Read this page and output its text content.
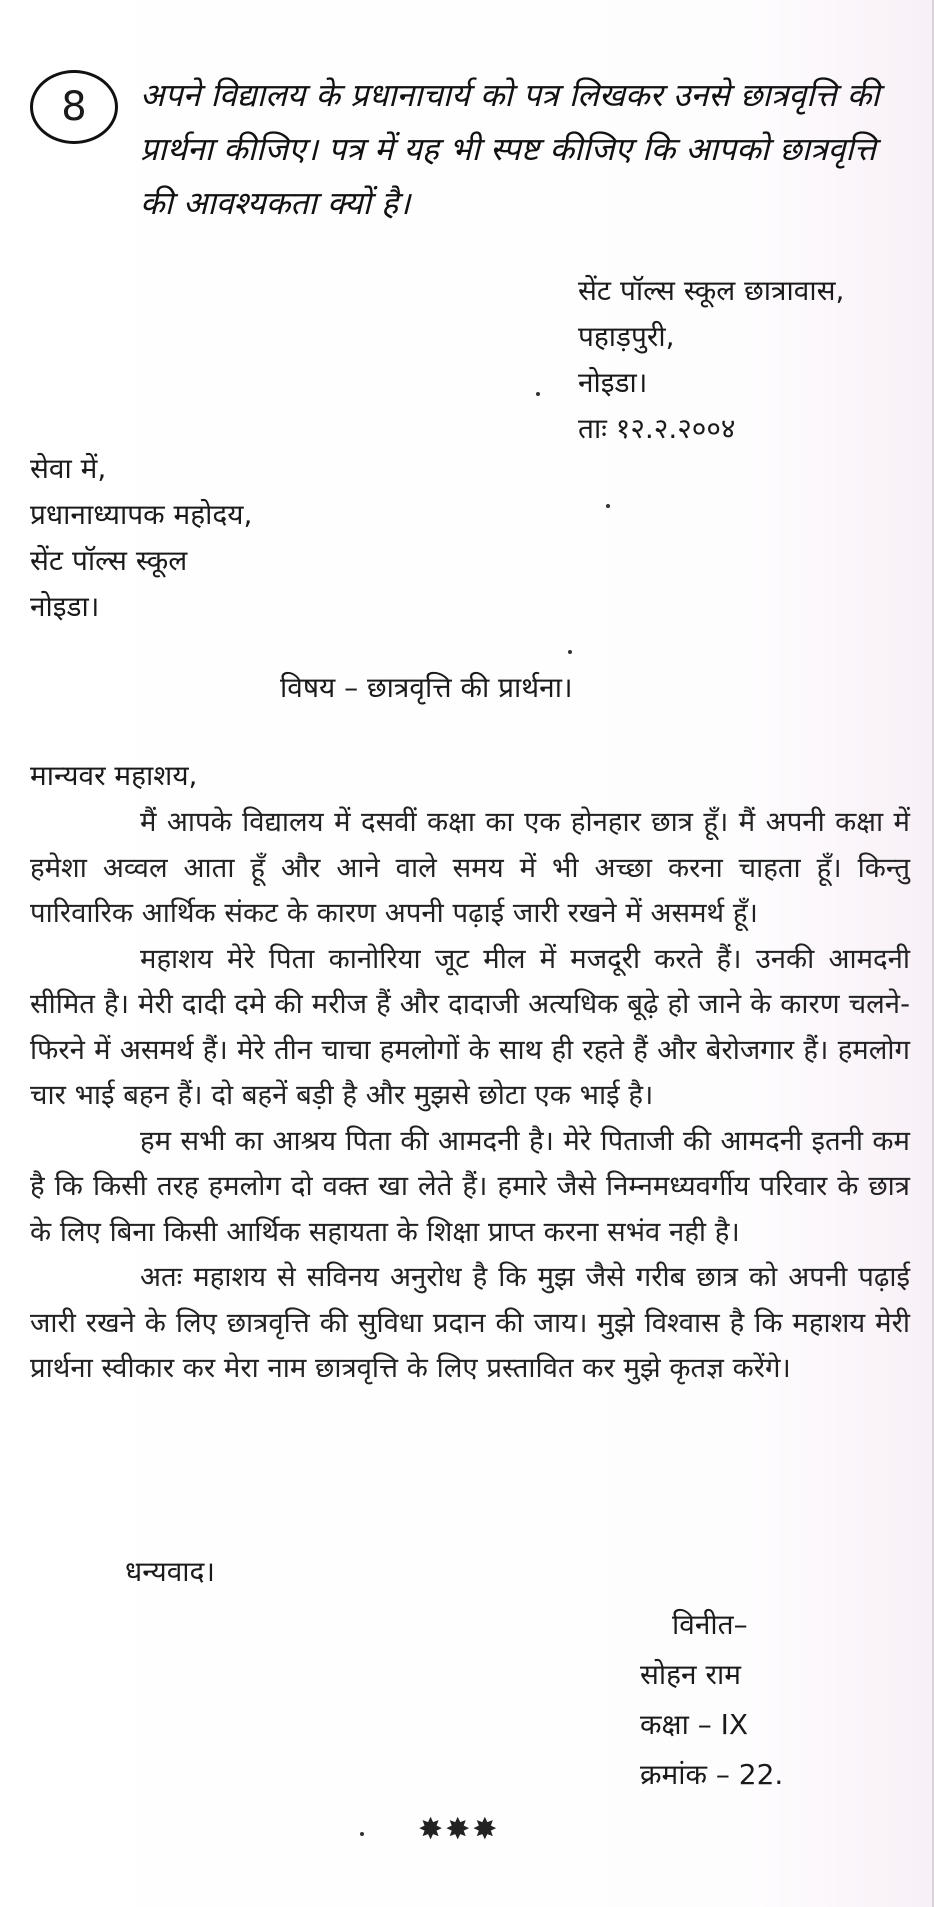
8 अपने विद्यालय के प्रधानाचार्य को पत्र लिखकर उनसे छात्रवृत्ति की प्रार्थना कीजिए। पत्र में यह भी स्पष्ट कीजिए कि आपको छात्रवृत्ति की आवश्यकता क्यों है।
सेंट पॉल्स स्कूल छात्रावास,
पहाड़पुरी,
नोइडा।
ताः १२.२.२००४
सेवा में,
प्रधानाध्यापक महोदय,
सेंट पॉल्स स्कूल
नोइडा।
विषय – छात्रवृत्ति की प्रार्थना।
मान्यवर महाशय,

मैं आपके विद्यालय में दसवीं कक्षा का एक होनहार छात्र हूँ। मैं अपनी कक्षा में हमेशा अव्वल आता हूँ और आने वाले समय में भी अच्छा करना चाहता हूँ। किन्तु पारिवारिक आर्थिक संकट के कारण अपनी पढ़ाई जारी रखने में असमर्थ हूँ।

महाशय मेरे पिता कानोरिया जूट मील में मजदूरी करते हैं। उनकी आमदनी सीमित है। मेरी दादी दमे की मरीज हैं और दादाजी अत्यधिक बूढ़े हो जाने के कारण चलने-फिरने में असमर्थ हैं। मेरे तीन चाचा हमलोगों के साथ ही रहते हैं और बेरोजगार हैं। हमलोग चार भाई बहन हैं। दो बहनें बड़ी है और मुझसे छोटा एक भाई है।

हम सभी का आश्रय पिता की आमदनी है। मेरे पिताजी की आमदनी इतनी कम है कि किसी तरह हमलोग दो वक्त खा लेते हैं। हमारे जैसे निम्नमध्यवर्गीय परिवार के छात्र के लिए बिना किसी आर्थिक सहायता के शिक्षा प्राप्त करना सभंव नही है।

अतः महाशय से सविनय अनुरोध है कि मुझ जैसे गरीब छात्र को अपनी पढ़ाई जारी रखने के लिए छात्रवृत्ति की सुविधा प्रदान की जाय। मुझे विश्वास है कि महाशय मेरी प्रार्थना स्वीकार कर मेरा नाम छात्रवृत्ति के लिए प्रस्तावित कर मुझे कृतज्ञ करेंगे।

धन्यवाद।
विनीत–
सोहन राम
कक्षा – IX
क्रमांक – 22.
✸✸✸
